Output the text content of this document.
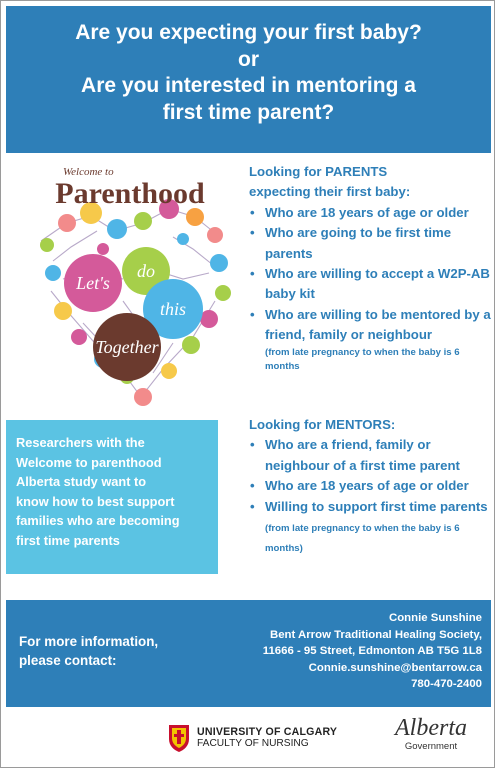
Are you expecting your first baby?
or
Are you interested in mentoring a
first time parent?
Let's
do
this
Together
Welcome to
Parenthood
Looking for PARENTS
expecting their first baby:
• Who are 18 years of age or older
• Who are going to be first time parents
• Who are willing to accept a W2P-AB baby kit
• Who are willing to be mentored by a friend, family or neighbour
(from late pregnancy to when the baby is 6 months
Researchers with the
Welcome to parenthood
Alberta study want to
know how to best support
families who are becoming
first time parents
Looking for MENTORS:
• Who are a friend, family or neighbour of a first time parent
• Who are 18 years of age or older
• Willing to support first time parents (from late pregnancy to when the baby is 6 months)
For more information,
please contact:
Connie Sunshine
Bent Arrow Traditional Healing Society,
11666 - 95 Street, Edmonton AB T5G 1L8
Connie.sunshine@bentarrow.ca
780-470-2400
UNIVERSITY OF CALGARY
FACULTY OF NURSING
Alberta
Government
